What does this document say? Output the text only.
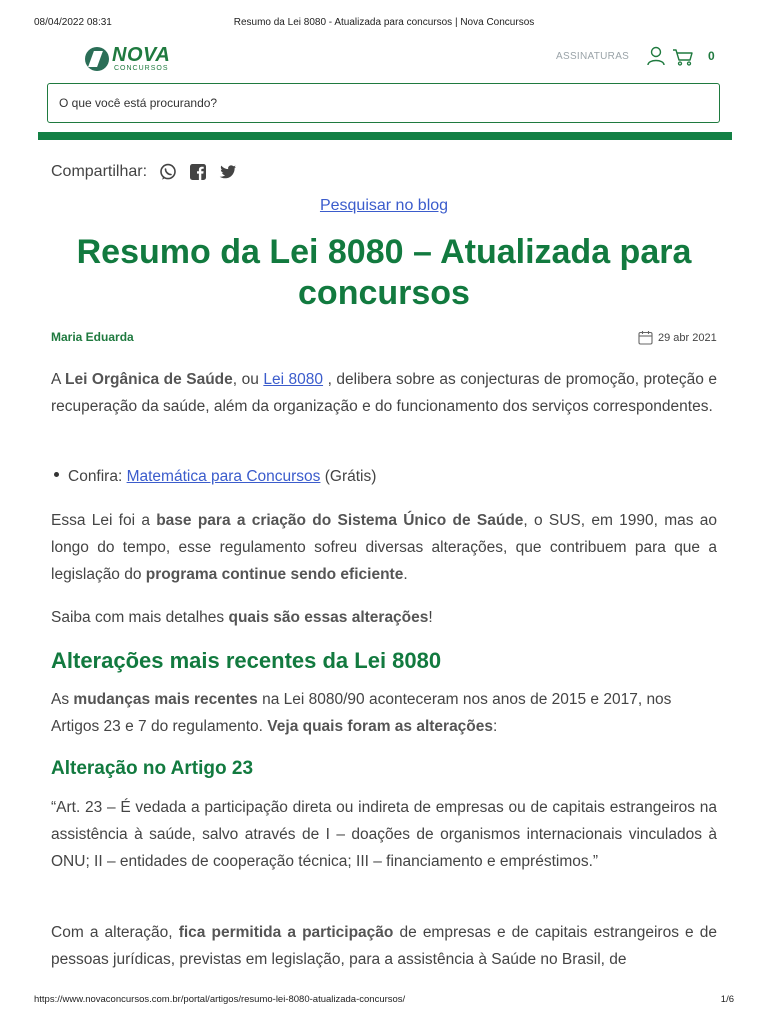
08/04/2022 08:31	Resumo da Lei 8080 - Atualizada para concursos | Nova Concursos
NOVA
CONCURSOS
ASSINATURAS	0
O que você está procurando?
Compartilhar:
Pesquisar no blog
Resumo da Lei 8080 – Atualizada para concursos
Maria Eduarda	29 abr 2021

A Lei Orgânica de Saúde, ou Lei 8080 , delibera sobre as conjecturas de promoção, proteção e recuperação da saúde, além da organização e do funcionamento dos serviços correspondentes.

Confira: Matemática para Concursos (Grátis)

Essa Lei foi a base para a criação do Sistema Único de Saúde, o SUS, em 1990, mas ao longo do tempo, esse regulamento sofreu diversas alterações, que contribuem para que a legislação do programa continue sendo eficiente.

Saiba com mais detalhes quais são essas alterações!

Alterações mais recentes da Lei 8080

As mudanças mais recentes na Lei 8080/90 aconteceram nos anos de 2015 e 2017, nos Artigos 23 e 7 do regulamento. Veja quais foram as alterações:

Alteração no Artigo 23

“Art. 23 – É vedada a participação direta ou indireta de empresas ou de capitais estrangeiros na assistência à saúde, salvo através de I – doações de organismos internacionais vinculados à ONU; II – entidades de cooperação técnica; III – financiamento e empréstimos.”

Com a alteração, fica permitida a participação de empresas e de capitais estrangeiros e de pessoas jurídicas, previstas em legislação, para a assistência à Saúde no Brasil, de

https://www.novaconcursos.com.br/portal/artigos/resumo-lei-8080-atualizada-concursos/	1/6
